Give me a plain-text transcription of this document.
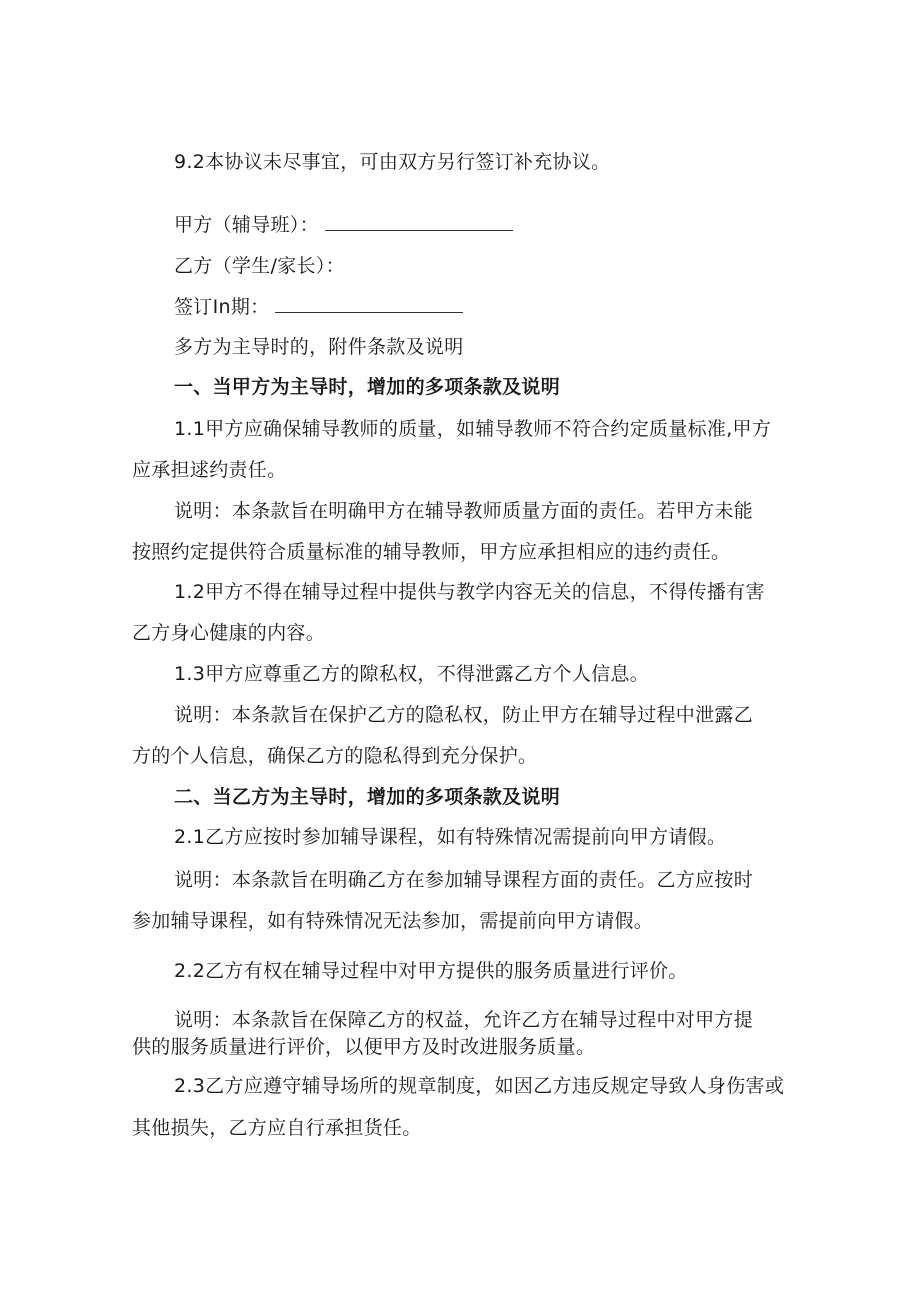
9.2本协议未尽事宜，可由双方另行签订补充协议。
甲方（辅导班）：
乙方（学生/家长）：
签订In期：
多方为主导时的，附件条款及说明
一、当甲方为主导时，增加的多项条款及说明
1.1甲方应确保辅导教师的质量，如辅导教师不符合约定质量标准,甲方
应承担逑约责任。
说明：本条款旨在明确甲方在辅导教师质量方面的责任。若甲方未能
按照约定提供符合质量标准的辅导教师，甲方应承担相应的违约责任。
1.2甲方不得在辅导过程中提供与教学内容无关的信息，不得传播有害
乙方身心健康的内容。
1.3甲方应尊重乙方的隙私权，不得泄露乙方个人信息。
说明：本条款旨在保护乙方的隐私权，防止甲方在辅导过程中泄露乙
方的个人信息，确保乙方的隐私得到充分保护。
二、当乙方为主导时，增加的多项条款及说明
2.1乙方应按时参加辅导课程，如有特殊情况需提前向甲方请假。
说明：本条款旨在明确乙方在参加辅导课程方面的责任。乙方应按时
参加辅导课程，如有特殊情况无法参加，需提前向甲方请假。
2.2乙方有权在辅导过程中对甲方提供的服务质量进行评价。
说明：本条款旨在保障乙方的权益，允许乙方在辅导过程中对甲方提
供的服务质量进行评价，以便甲方及时改进服务质量。
2.3乙方应遵守辅导场所的规章制度，如因乙方违反规定导致人身伤害或
其他损失，乙方应自行承担货任。
